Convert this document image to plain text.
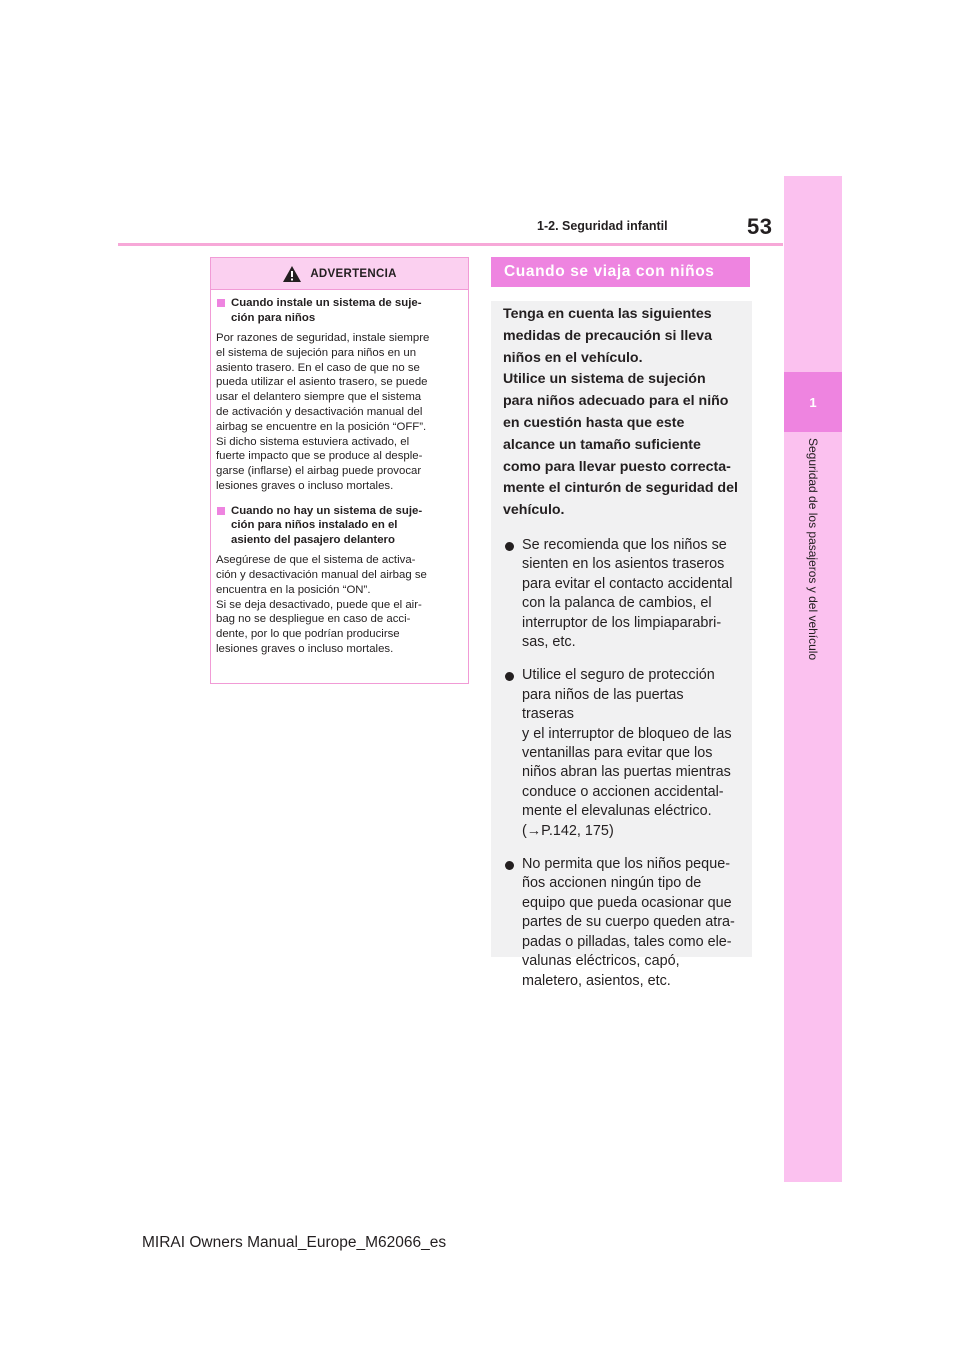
1
Seguridad de los pasajeros y del vehículo
53
1-2. Seguridad infantil
ADVERTENCIA
Cuando instale un sistema de suje-
ción para niños
Por razones de seguridad, instale siempre
el sistema de sujeción para niños en un
asiento trasero. En el caso de que no se
pueda utilizar el asiento trasero, se puede
usar el delantero siempre que el sistema
de activación y desactivación manual del
airbag se encuentre en la posición “OFF”.
Si dicho sistema estuviera activado, el
fuerte impacto que se produce al desple-
garse (inflarse) el airbag puede provocar
lesiones graves o incluso mortales.
Cuando no hay un sistema de suje-
ción para niños instalado en el
asiento del pasajero delantero
Asegúrese de que el sistema de activa-
ción y desactivación manual del airbag se
encuentra en la posición “ON”.
Si se deja desactivado, puede que el air-
bag no se despliegue en caso de acci-
dente, por lo que podrían producirse
lesiones graves o incluso mortales.
Cuando se viaja con niños
Tenga en cuenta las siguientes
medidas de precaución si lleva
niños en el vehículo.
Utilice un sistema de sujeción
para niños adecuado para el niño
en cuestión hasta que este
alcance un tamaño suficiente
como para llevar puesto correcta-
mente el cinturón de seguridad del
vehículo.
Se recomienda que los niños se
sienten en los asientos traseros
para evitar el contacto accidental
con la palanca de cambios, el
interruptor de los limpiaparabri-
sas, etc.
Utilice el seguro de protección
para niños de las puertas traseras
y el interruptor de bloqueo de las
ventanillas para evitar que los
niños abran las puertas mientras
conduce o accionen accidental-
mente el elevalunas eléctrico.
(→P.142, 175)
No permita que los niños peque-
ños accionen ningún tipo de
equipo que pueda ocasionar que
partes de su cuerpo queden atra-
padas o pilladas, tales como ele-
valunas eléctricos, capó,
maletero, asientos, etc.
MIRAI Owners Manual_Europe_M62066_es
